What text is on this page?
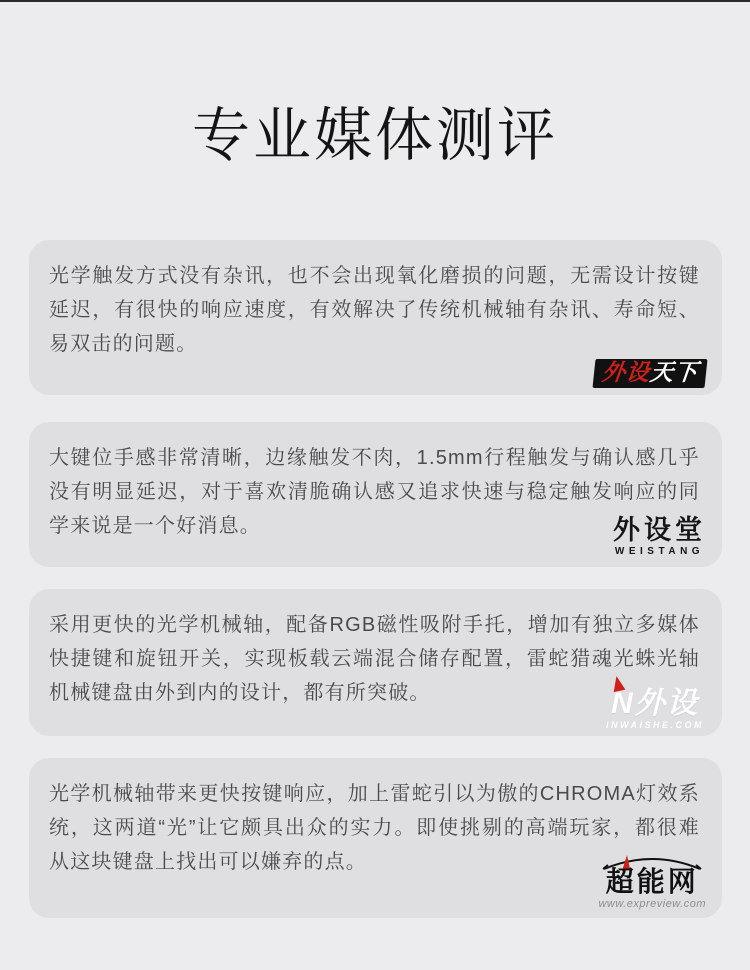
专业媒体测评

光学触发方式没有杂讯，也不会出现氧化磨损的问题，无需设计按键延迟，有很快的响应速度，有效解决了传统机械轴有杂讯、寿命短、易双击的问题。

外设天下

大键位手感非常清晰，边缘触发不肉，1.5mm行程触发与确认感几乎没有明显延迟，对于喜欢清脆确认感又追求快速与稳定触发响应的同学来说是一个好消息。	外设堂
WEISTANG

采用更快的光学机械轴，配备RGB磁性吸附手托，增加有独立多媒体快捷键和旋钮开关，实现板载云端混合储存配置，雷蛇猎魂光蛛光轴机械键盘由外到内的设计，都有所突破。	N外设
INWAISHE.COM

光学机械轴带来更快按键响应，加上雷蛇引以为傲的CHROMA灯效系统，这两道“光”让它颇具出众的实力。即使挑剔的高端玩家，都很难从这块键盘上找出可以嫌弃的点。

超能网
www.expreview.com
